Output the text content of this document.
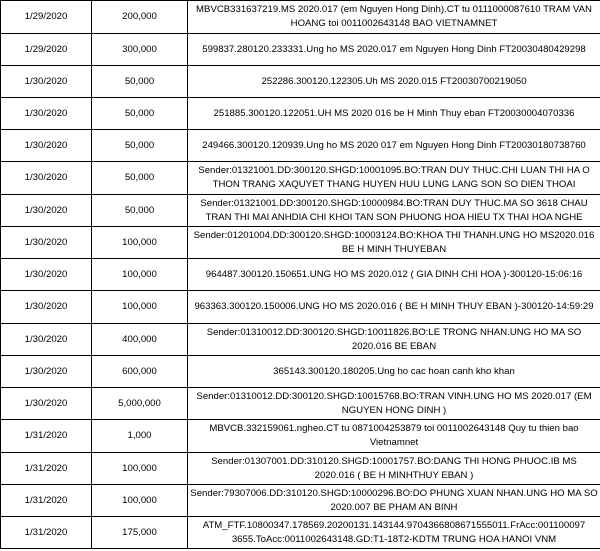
1/29/2020	200,000	MBVCB331637219.MS 2020.017 (em Nguyen Hong Dinh).CT tu 0111000087610 TRAM VAN HOANG toi 0011002643148 BAO VIETNAMNET
1/29/2020	300,000	599837.280120.233331.Ung ho MS 2020.017 em Nguyen Hong Dinh FT20030480429298
1/30/2020	50,000	252286.300120.122305.Uh MS 2020.015 FT20030700219050
1/30/2020	50,000	251885.300120.122051.UH MS 2020 016 be H Minh Thuy eban FT20030004070336
1/30/2020	50,000	249466.300120.120939.Ung ho MS 2020 017 em Nguyen Hong Dinh FT20030180738760
1/30/2020	50,000	Sender:01321001.DD:300120.SHGD:10001095.BO:TRAN DUY THUC.CHI LUAN THI HA O THON TRANG XAQUYET THANG HUYEN HUU LUNG LANG SON SO DIEN THOAI
1/30/2020	50,000	Sender:01321001.DD:300120.SHGD:10000984.BO:TRAN DUY THUC.MA SO 3618 CHAU TRAN THI MAI ANHDIA CHI KHOI TAN SON PHUONG HOA HIEU TX THAI HOA NGHE
1/30/2020	100,000	Sender:01201004.DD:300120.SHGD:10003124.BO:KHOA THI THANH.UNG HO MS2020.016 BE H MINH THUYEBAN
1/30/2020	100,000	964487.300120.150651.UNG HO MS 2020.012 ( GIA DINH CHI HOA )-300120-15:06:16
1/30/2020	100,000	963363.300120.150006.UNG HO MS 2020.016 ( BE H MINH THUY EBAN )-300120-14:59:29
1/30/2020	400,000	Sender:01310012.DD:300120.SHGD:10011826.BO:LE TRONG NHAN.UNG HO MA SO 2020.016 BE EBAN
1/30/2020	600,000	365143.300120.180205.Ung ho cac hoan canh kho khan
1/30/2020	5,000,000	Sender:01310012.DD:300120.SHGD:10015768.BO:TRAN VINH.UNG HO MS 2020.017 (EM NGUYEN HONG DINH )
1/31/2020	1,000	MBVCB.332159061.ngheo.CT tu 0871004253879 toi 0011002643148 Quy tu thien bao Vietnamnet
1/31/2020	100,000	Sender:01307001.DD:310120.SHGD:10001757.BO:DANG THI HONG PHUOC.IB MS 2020.016 ( BE H MINHTHUY EBAN )
1/31/2020	100,000	Sender:79307006.DD:310120.SHGD:10000296.BO:DO PHUNG XUAN NHAN.UNG HO MA SO 2020.007 BE PHAM AN BINH
1/31/2020	175,000	ATM_FTF.10800347.178569.20200131.143144.9704366808671555011.FrAcc:001100097 3655.ToAcc:0011002643148.GD:T1-18T2-KDTM TRUNG HOA HANOI VNM
